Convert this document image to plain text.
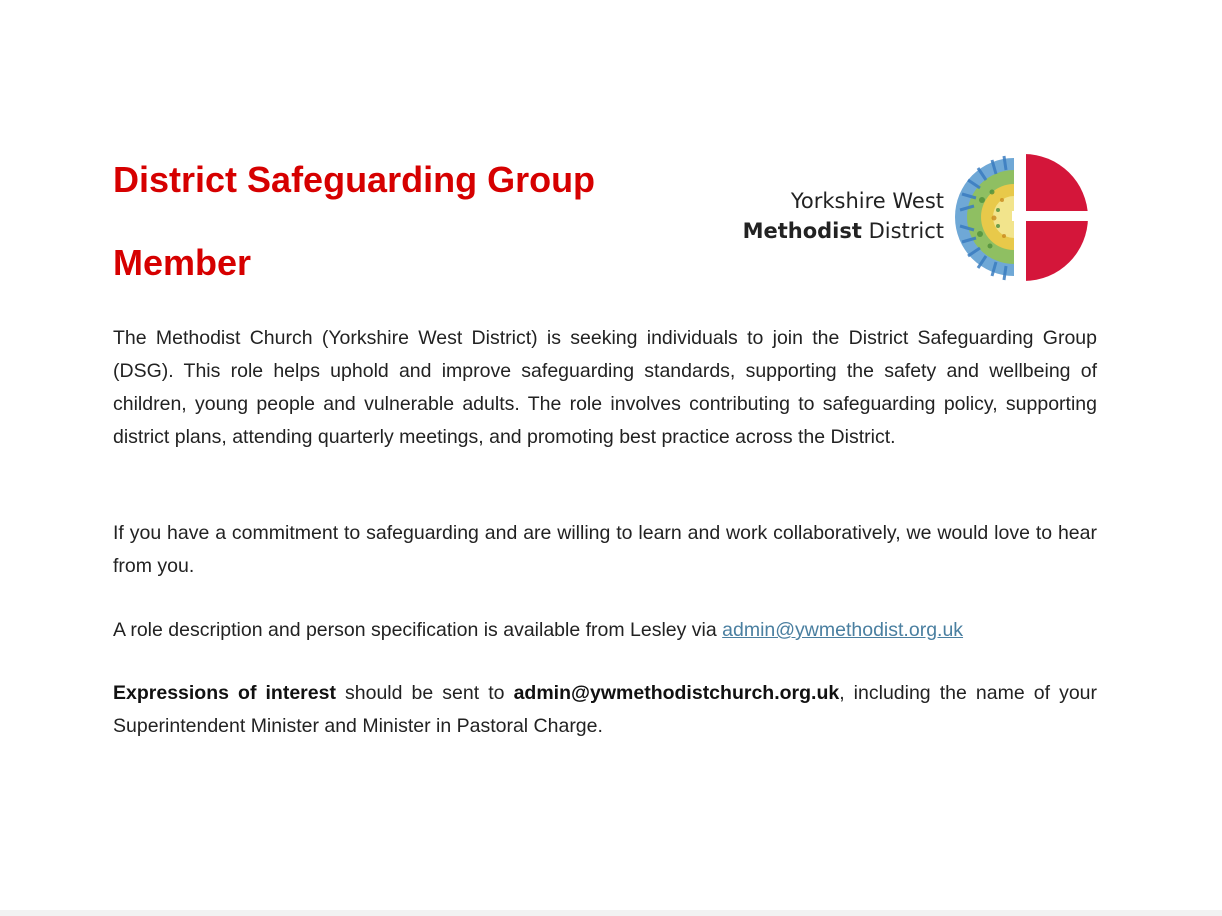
District Safeguarding Group
Member
Yorkshire West
Methodist District

The Methodist Church (Yorkshire West District) is seeking individuals to join the District Safeguarding Group (DSG). This role helps uphold and improve safeguarding standards, supporting the safety and wellbeing of children, young people and vulnerable adults. The role involves contributing to safeguarding policy, supporting district plans, attending quarterly meetings, and promoting best practice across the District.

If you have a commitment to safeguarding and are willing to learn and work collaboratively, we would love to hear from you.

A role description and person specification is available from Lesley via admin@ywmethodist.org.uk

Expressions of interest should be sent to admin@ywmethodistchurch.org.uk, including the name of your Superintendent Minister and Minister in Pastoral Charge.
